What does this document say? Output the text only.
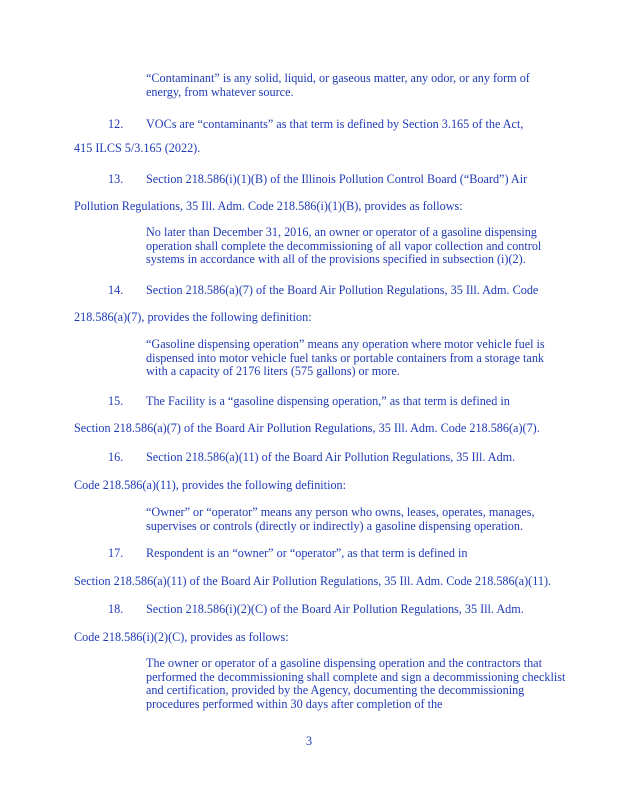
“Contaminant” is any solid, liquid, or gaseous matter, any odor, or any form of energy, from whatever source.
12. VOCs are “contaminants” as that term is defined by Section 3.165 of the Act,
415 ILCS 5/3.165 (2022).
13. Section 218.586(i)(1)(B) of the Illinois Pollution Control Board (“Board”) Air
Pollution Regulations, 35 Ill. Adm. Code 218.586(i)(1)(B), provides as follows:
No later than December 31, 2016, an owner or operator of a gasoline dispensing operation shall complete the decommissioning of all vapor collection and control systems in accordance with all of the provisions specified in subsection (i)(2).
14. Section 218.586(a)(7) of the Board Air Pollution Regulations, 35 Ill. Adm. Code
218.586(a)(7), provides the following definition:
“Gasoline dispensing operation” means any operation where motor vehicle fuel is dispensed into motor vehicle fuel tanks or portable containers from a storage tank with a capacity of 2176 liters (575 gallons) or more.
15. The Facility is a “gasoline dispensing operation,” as that term is defined in
Section 218.586(a)(7) of the Board Air Pollution Regulations, 35 Ill. Adm. Code 218.586(a)(7).
16. Section 218.586(a)(11) of the Board Air Pollution Regulations, 35 Ill. Adm.
Code 218.586(a)(11), provides the following definition:
“Owner” or “operator” means any person who owns, leases, operates, manages, supervises or controls (directly or indirectly) a gasoline dispensing operation.
17. Respondent is an “owner” or “operator”, as that term is defined in
Section 218.586(a)(11) of the Board Air Pollution Regulations, 35 Ill. Adm. Code 218.586(a)(11).
18. Section 218.586(i)(2)(C) of the Board Air Pollution Regulations, 35 Ill. Adm.
Code 218.586(i)(2)(C), provides as follows:
The owner or operator of a gasoline dispensing operation and the contractors that performed the decommissioning shall complete and sign a decommissioning checklist and certification, provided by the Agency, documenting the decommissioning procedures performed within 30 days after completion of the
3
